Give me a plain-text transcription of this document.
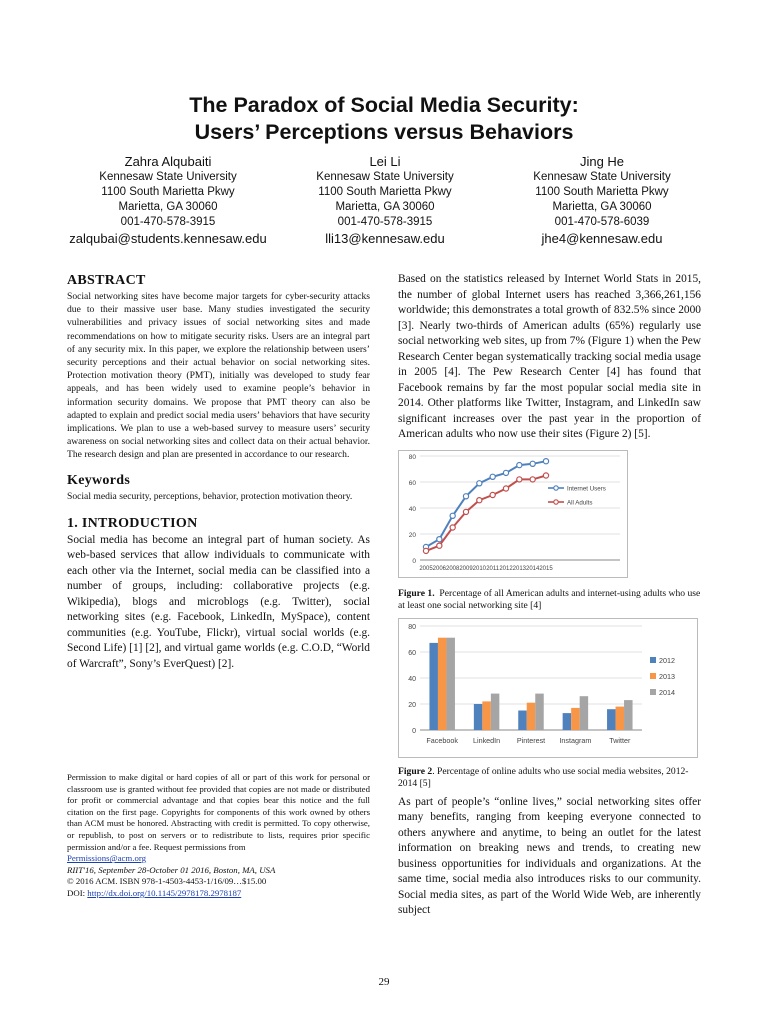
The Paradox of Social Media Security:
Users’ Perceptions versus Behaviors
Zahra Alqubaiti
Kennesaw State University
1100 South Marietta Pkwy
Marietta, GA 30060
001-470-578-3915
zalqubai@students.kennesaw.edu
Lei Li
Kennesaw State University
1100 South Marietta Pkwy
Marietta, GA 30060
001-470-578-3915
lli13@kennesaw.edu
Jing He
Kennesaw State University
1100 South Marietta Pkwy
Marietta, GA 30060
001-470-578-6039
jhe4@kennesaw.edu
ABSTRACT

Social networking sites have become major targets for cyber-security attacks due to their massive user base. Many studies investigated the security vulnerabilities and privacy issues of social networking sites and made recommendations on how to mitigate security risks. Users are an integral part of any security mix. In this paper, we explore the relationship between users’ security perceptions and their actual behavior on social networking sites. Protection motivation theory (PMT), initially was developed to study fear appeals, and has been widely used to examine people’s behavior in information security domains. We propose that PMT theory can also be adapted to explain and predict social media users’ behaviors that have security implications. We plan to use a web-based survey to measure users’ security awareness on social networking sites and collect data on their actual behavior. The research design and plan are presented in accordance to our research.

Keywords

Social media security, perceptions, behavior, protection motivation theory.

1. INTRODUCTION

Social media has become an integral part of human society. As web-based services that allow individuals to communicate with each other via the Internet, social media can be classified into a number of groups, including: collaborative projects (e.g. Wikipedia), blogs and microblogs (e.g. Twitter), social networking sites (e.g. Facebook, LinkedIn, MySpace), content communities (e.g. YouTube, Flickr), virtual social worlds (e.g. Second Life) [1] [2], and virtual game worlds (e.g. C.O.D, “World of Warcraft”, Sony’s EverQuest) [2].

Permission to make digital or hard copies of all or part of this work for personal or classroom use is granted without fee provided that copies are not made or distributed for profit or commercial advantage and that copies bear this notice and the full citation on the first page. Copyrights for components of this work owned by others than ACM must be honored. Abstracting with credit is permitted. To copy otherwise, or republish, to post on servers or to redistribute to lists, requires prior specific permission and/or a fee. Request permissions from

Permissions@acm.org

RIIT'16, September 28-October 01 2016, Boston, MA, USA

© 2016 ACM. ISBN 978-1-4503-4453-1/16/09…$15.00

DOI: http://dx.doi.org/10.1145/2978178.2978187

Based on the statistics released by Internet World Stats in 2015, the number of global Internet users has reached 3,366,261,156 worldwide; this demonstrates a total growth of 832.5% since 2000 [3]. Nearly two-thirds of American adults (65%) regularly use social networking web sites, up from 7% (Figure 1) when the Pew Research Center began systematically tracking social media usage in 2005 [4]. The Pew Research Center [4] has found that Facebook remains by far the most popular social media site in 2014. Other platforms like Twitter, Instagram, and LinkedIn saw significant increases over the past year in the proportion of American adults who now use their sites (Figure 2) [5].

0
20
40
60
80
2005 2006 2008 2009 2010 2011 2012 2013 2014 2015
Internet Users
All Adults

Figure 1. Percentage of all American adults and internet-using adults who use at least one social networking site [4]

0
20
40
60
80
Facebook LinkedIn Pinterest Instagram Twitter
2012
2013
2014

Figure 2. Percentage of online adults who use social media websites, 2012-2014 [5]

As part of people’s “online lives,” social networking sites offer many benefits, ranging from keeping everyone connected to others anywhere and anytime, to being an outlet for the latest information on breaking news and trends, to creating new business opportunities for individuals and organizations. At the same time, social media also introduces risks to our community. Social media sites, as part of the World Wide Web, are inherently subject

29
